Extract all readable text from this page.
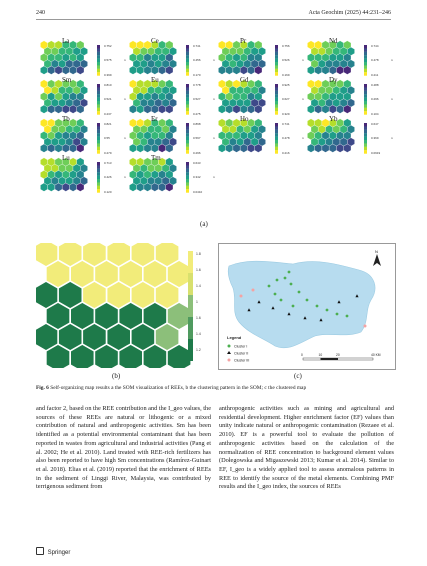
240	Acta Geochim (2025) 44:231–246
La
0.752
0.575
0.399
n
Ce
0.741
0.456
0.170
n
Pr
0.756
0.526
0.169
n
Nd
0.744
0.478
0.211
n
Sm
0.810
0.521
0.237
n
Eu
0.778
0.527
0.275
n
Gd
0.925
0.627
0.329
n
Dy
0.488
0.296
0.104
n
Tb
0.821
0.55
0.279
n
Er
0.898
0.597
0.296
n
Ho
0.741
0.478
0.216
n
Yb
0.647
0.369
0.0919
n
Lu
0.713
0.426
0.120
n
Tm
0.643
0.342
0.0410
n
(a)
1.8
1.6
1.4
1
1.6
1.4
1.2
(b)
N
Legend
Cluster I
Cluster II
Cluster III
0	10	20	40 KM
(c)
Fig. 6 Self-organizing map results a the SOM visualization of REEs, b the clustering pattern in the SOM; c the clustered map
and factor 2, based on the REE contribution and the I_geo values, the sources of these REEs are natural or lithogenic or a mixed contribution of natural and anthropogenic activities. Sm has been identified as a potential environmental contaminant that has been reported in wastes from agricultural and industrial activities (Pang et al. 2002; He et al. 2010). Land treated with REE-rich fertilizers has also been reported to have high Sm concentrations (Ramírez-Guinart et al. 2018). Elias et al. (2019) reported that the enrichment of REEs in the sediment of Linggi River, Malaysia, was contributed by terrigenous sediment from
anthropogenic activities such as mining and agricultural and residential development. Higher enrichment factor (EF) values than unity indicate natural or anthropogenic contamination (Rezaee et al. 2010). EF is a powerful tool to evaluate the pollution of anthropogenic activities based on the calculation of the normalization of REE concentration to background element values (Dołegowska and Migaszewski 2013; Kumar et al. 2014). Similar to EF, I_geo is a widely applied tool to assess anomalous patterns in REE to identify the source of the metal elements. Combining PMF results and the I_geo index, the sources of REEs
Springer
